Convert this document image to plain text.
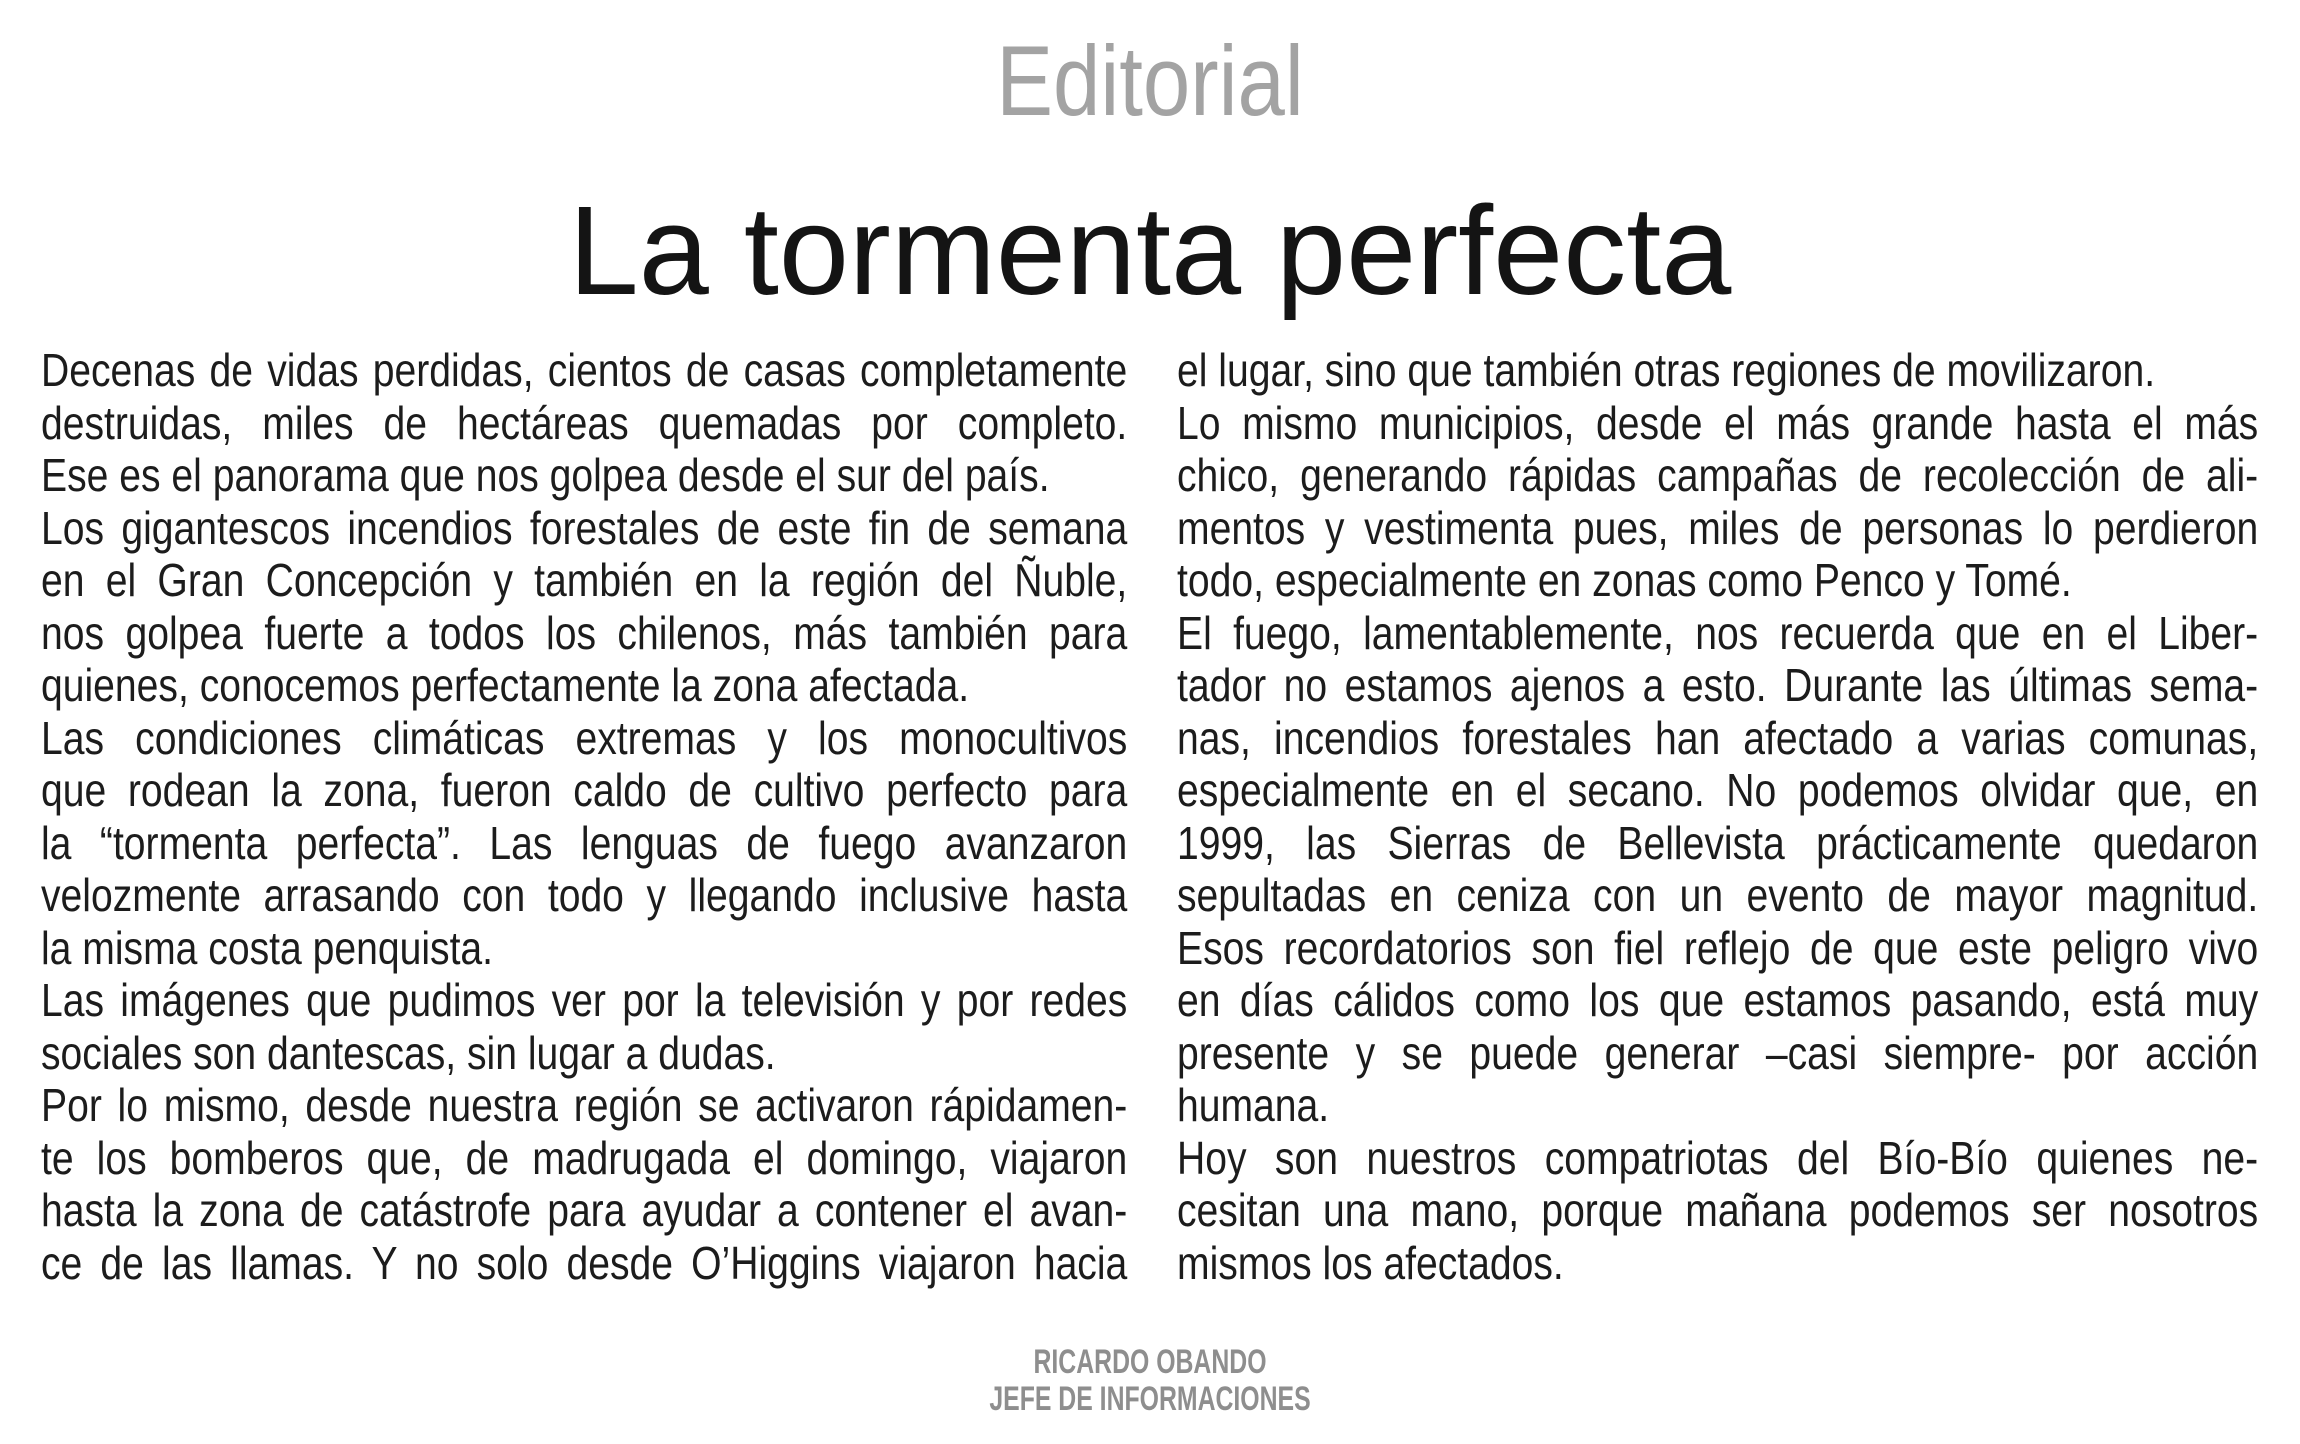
Editorial
La tormenta perfecta
Decenas de vidas perdidas, cientos de casas completamente
destruidas, miles de hectáreas quemadas por completo.
Ese es el panorama que nos golpea desde el sur del país.
Los gigantescos incendios forestales de este fin de semana
en el Gran Concepción y también en la región del Ñuble,
nos golpea fuerte a todos los chilenos, más también para
quienes, conocemos perfectamente la zona afectada.
Las condiciones climáticas extremas y los monocultivos
que rodean la zona, fueron caldo de cultivo perfecto para
la “tormenta perfecta”. Las lenguas de fuego avanzaron
velozmente arrasando con todo y llegando inclusive hasta
la misma costa penquista.
Las imágenes que pudimos ver por la televisión y por redes
sociales son dantescas, sin lugar a dudas.
Por lo mismo, desde nuestra región se activaron rápidamen-
te los bomberos que, de madrugada el domingo, viajaron
hasta la zona de catástrofe para ayudar a contener el avan-
ce de las llamas. Y no solo desde O’Higgins viajaron hacia
el lugar, sino que también otras regiones de movilizaron.
Lo mismo municipios, desde el más grande hasta el más
chico, generando rápidas campañas de recolección de ali-
mentos y vestimenta pues, miles de personas lo perdieron
todo, especialmente en zonas como Penco y Tomé.
El fuego, lamentablemente, nos recuerda que en el Liber-
tador no estamos ajenos a esto. Durante las últimas sema-
nas, incendios forestales han afectado a varias comunas,
especialmente en el secano. No podemos olvidar que, en
1999, las Sierras de Bellevista prácticamente quedaron
sepultadas en ceniza con un evento de mayor magnitud.
Esos recordatorios son fiel reflejo de que este peligro vivo
en días cálidos como los que estamos pasando, está muy
presente y se puede generar –casi siempre- por acción
humana.
Hoy son nuestros compatriotas del Bío-Bío quienes ne-
cesitan una mano, porque mañana podemos ser nosotros
mismos los afectados.
RICARDO OBANDO
JEFE DE INFORMACIONES
